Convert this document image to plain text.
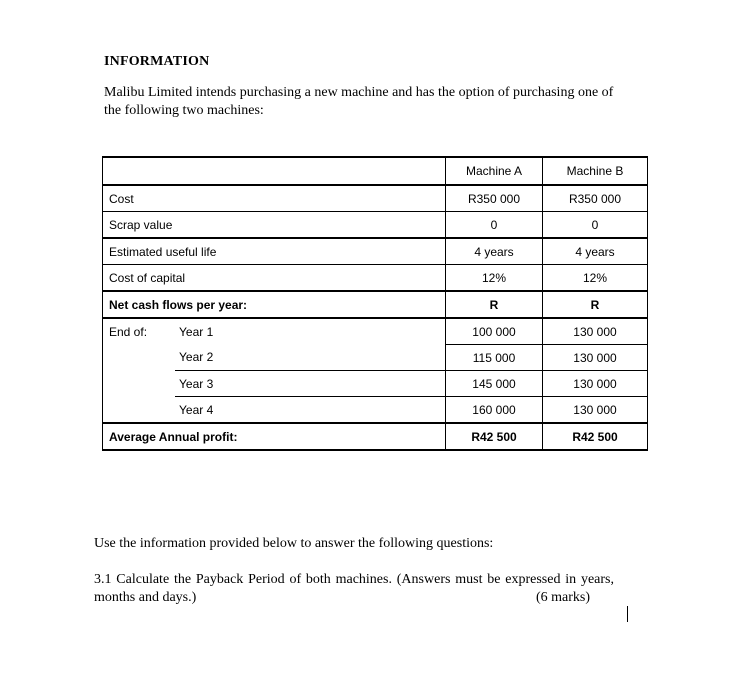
INFORMATION
Malibu Limited intends purchasing a new machine and has the option of purchasing one of the following two machines:
		Machine A	Machine B
Cost		R350 000	R350 000
Scrap value		0	0
Estimated useful life		4 years	4 years
Cost of capital		12%	12%
Net cash flows per year:		R	R
End of:	Year 1	100 000	130 000
	Year 2	115 000	130 000
	Year 3	145 000	130 000
	Year 4	160 000	130 000
Average Annual profit:		R42 500	R42 500
Use the information provided below to answer the following questions:
3.1 Calculate the Payback Period of both machines. (Answers must be expressed in years, months and days.)	(6 marks)
